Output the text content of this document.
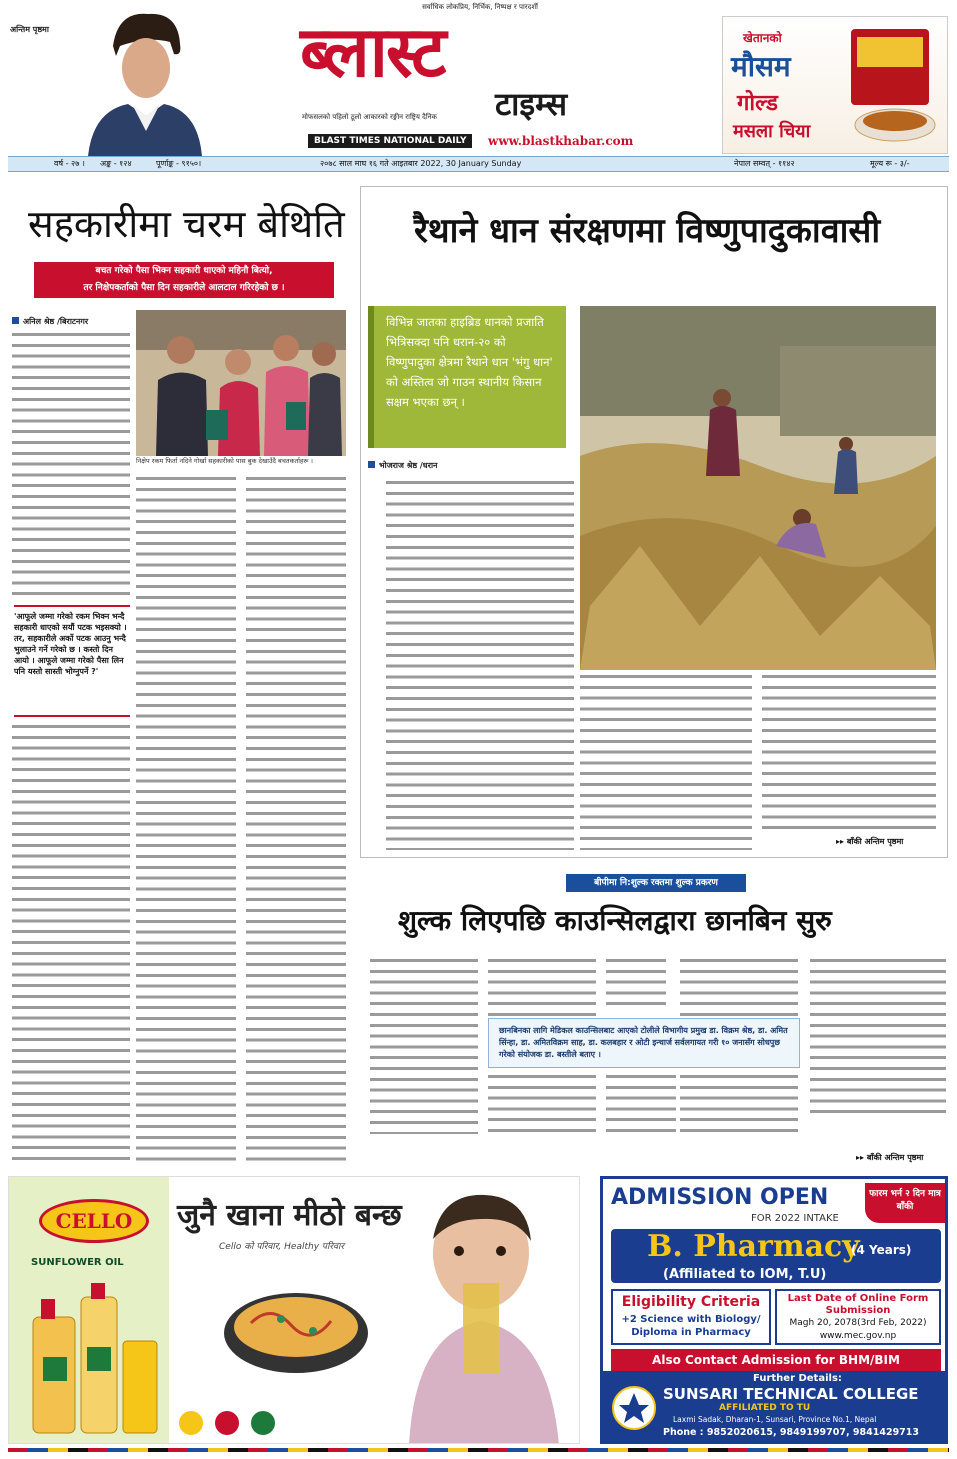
अन्तिम पृष्ठमा
सर्वाधिक लोकप्रिय, निर्भिक, निष्पक्ष र पारदर्शी
ब्लास्ट
टाइम्स
मोफसलको पहिलो ठूलो आकारको रङ्गीन राष्ट्रिय दैनिक
BLAST TIMES NATIONAL DAILY	www.blastkhabar.com
खेतानको
मौसम
गोल्ड
मसला चिया
वर्ष - २७ । अङ्क - १२४	पूर्णाङ्क - ९१५०।	२०७८ साल माघ १६ गते आइतबार 2022, 30 January Sunday	नेपाल सम्वत् - ११४२	मूल्य रू - ३/-
सहकारीमा चरम बेथिति
बचत गरेको पैसा भिक्न सहकारी धाएको महिनौ बित्यो,
तर निक्षेपकर्ताको पैसा दिन सहकारीले आलटाल गरिरहेको छ ।
अनिल श्रेष्ठ /बिराटनगर
'आफूले जम्मा गरेको रकम भिक्न भन्दै सहकारी धाएको सयौं पटक भइसक्यो । तर, सहकारीले अर्को पटक आउनु भन्दै भुलाउने गर्ने गरेको छ । कस्तो दिन आयो । आफूले जम्मा गरेको पैसा लिन पनि यस्तो सास्ती भोग्नुपर्ने ?'
निक्षेप रकम फिर्ता नदिने गोर्खा सहकारीको पास बुक देखाउँदै बचतकर्ताहरू ।
रैथाने धान संरक्षणमा विष्णुपादुकावासी
विभिन्न जातका हाइब्रिड धानको प्रजाति भित्रिसक्दा पनि धरान-२० को विष्णुपादुका क्षेत्रमा रैथाने धान 'भंगु धान' को अस्तित्व जो गाउन स्थानीय किसान सक्षम भएका छन् ।
भोजराज श्रेष्ठ /धरान
▸▸ बाँकी अन्तिम पृष्ठमा
बीपीमा नि:शुल्क रक्तमा शुल्क प्रकरण
शुल्क लिएपछि काउन्सिलद्वारा छानबिन सुरु
छानबिनका लागि मेडिकल काउन्सिलबाट आएको टोलीले विभागीय प्रमुख डा. विक्रम श्रेष्ठ, डा. अमित सिंन्हा, डा. अमितविक्रम साह, डा. कलबहार र ओटी इन्चार्ज सर्वलगायत गरी १० जनासँग सोधपुछ गरेको संयोजक डा. बस्तीले बताए ।
▸▸ बाँकी अन्तिम पृष्ठमा
CELLO
SUNFLOWER OIL
जुनै खाना मीठो बन्छ
Cello को परिवार, Healthy परिवार
ADMISSION OPEN
FOR 2022 INTAKE
फारम भर्न २ दिन मात्र बाँकी
B. Pharmacy
(4 Years)
(Affiliated to IOM, T.U)
Eligibility Criteria
+2 Science with Biology/ Diploma in Pharmacy
Last Date of Online Form Submission
Magh 20, 2078(3rd Feb, 2022)
www.mec.gov.np
Also Contact Admission for BHM/BIM
Further Details:
SUNSARI TECHNICAL COLLEGE
AFFILIATED TO TU
Laxmi Sadak, Dharan-1, Sunsari, Province No.1, Nepal
Phone : 9852020615, 9849199707, 9841429713
